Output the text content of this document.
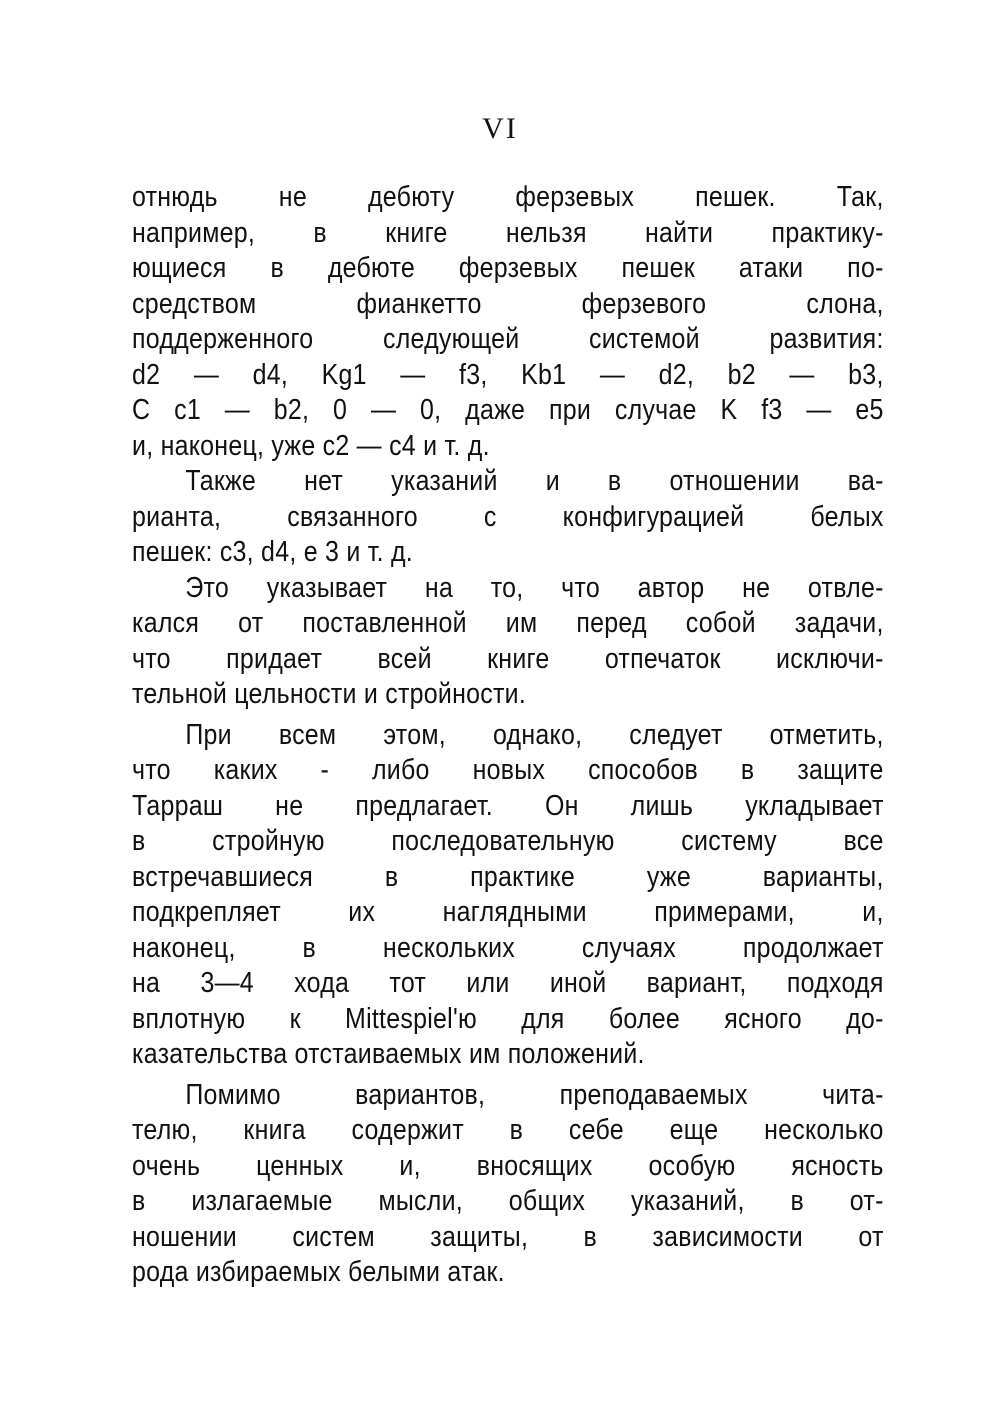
VI
отнюдь не дебюту ферзевых пешек. Так,
например, в книге нельзя найти практику-
ющиеся в дебюте ферзевых пешек атаки по-
средством фианкетто ферзевого слона,
поддерженного следующей системой развития:
d2 — d4, Kg1 — f3, Kb1 — d2, b2 — b3,
C c1 — b2, 0 — 0, даже при случае K f3 — e5
и, наконец, уже c2 — c4 и т. д.
Также нет указаний и в отношении ва-
рианта, связанного с конфигурацией белых
пешек: c3, d4, e 3 и т. д.
Это указывает на то, что автор не отвле-
кался от поставленной им перед собой задачи,
что придает всей книге отпечаток исключи-
тельной цельности и стройности.
При всем этом, однако, следует отметить,
что каких - либо новых способов в защите
Тарраш не предлагает. Он лишь укладывает
в стройную последовательную систему все
встречавшиеся в практике уже варианты,
подкрепляет их наглядными примерами, и,
наконец, в нескольких случаях продолжает
на 3—4 хода тот или иной вариант, подходя
вплотную к Mittespiel'ю для более ясного до-
казательства отстаиваемых им положений.
Помимо вариантов, преподаваемых чита-
телю, книга содержит в себе еще несколько
очень ценных и, вносящих особую ясность
в излагаемые мысли, общих указаний, в от-
ношении систем защиты, в зависимости от
рода избираемых белыми атак.
